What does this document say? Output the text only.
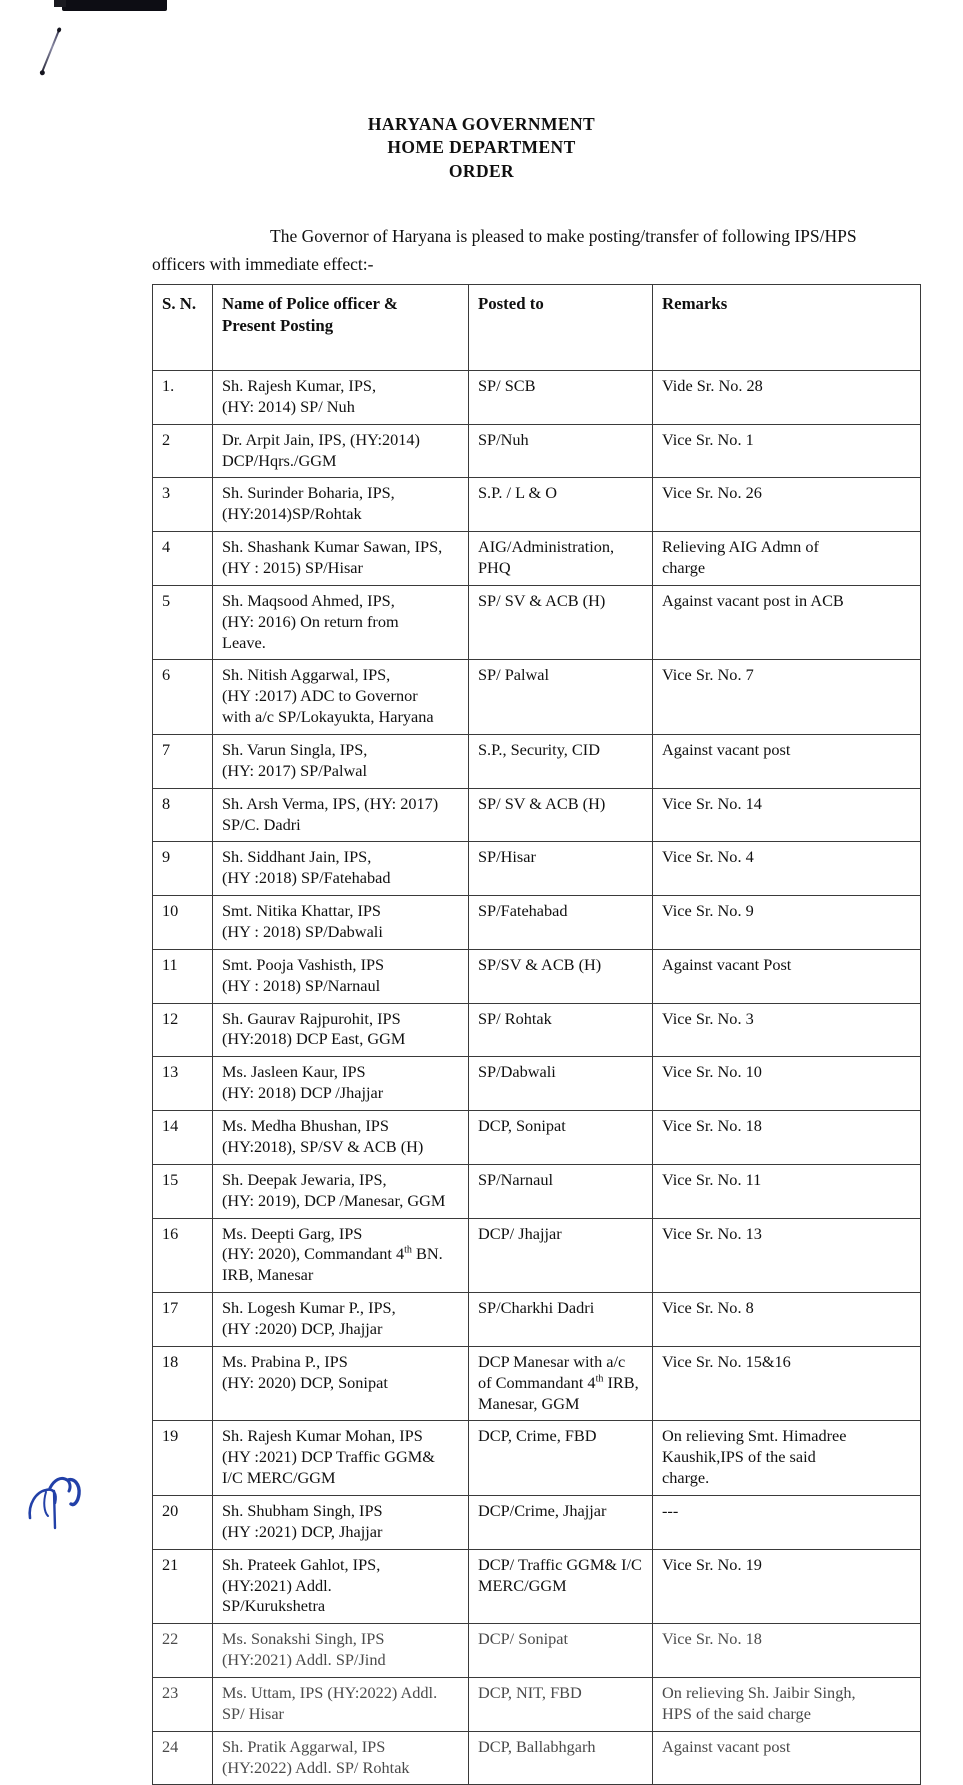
HARYANA GOVERNMENT
HOME DEPARTMENT
ORDER
The Governor of Haryana is pleased to make posting/transfer of following IPS/HPS officers with immediate effect:-
S. N.	Name of Police officer &
Present Posting	Posted to	Remarks
1.	Sh. Rajesh Kumar, IPS,
(HY: 2014) SP/ Nuh	SP/ SCB	Vide Sr. No. 28

2	Dr. Arpit Jain, IPS, (HY:2014)
DCP/Hqrs./GGM	SP/Nuh	Vice Sr. No. 1

3	Sh. Surinder Boharia, IPS,
(HY:2014)SP/Rohtak	S.P. / L & O	Vice Sr. No. 26

4	Sh. Shashank Kumar Sawan, IPS,
(HY : 2015) SP/Hisar	AIG/Administration,
PHQ	Relieving AIG Admn of
charge

5	Sh. Maqsood Ahmed, IPS,
(HY: 2016) On return from
Leave.	SP/ SV & ACB (H)	Against vacant post in ACB

6	Sh. Nitish Aggarwal, IPS,
(HY :2017) ADC to Governor
with a/c SP/Lokayukta, Haryana	SP/ Palwal	Vice Sr. No. 7

7	Sh. Varun Singla, IPS,
(HY: 2017) SP/Palwal	S.P., Security, CID	Against vacant post

8	Sh. Arsh Verma, IPS, (HY: 2017)
SP/C. Dadri	SP/ SV & ACB (H)	Vice Sr. No. 14

9	Sh. Siddhant Jain, IPS,
(HY :2018) SP/Fatehabad	SP/Hisar	Vice Sr. No. 4

10	Smt. Nitika Khattar, IPS
(HY : 2018) SP/Dabwali	SP/Fatehabad	Vice Sr. No. 9

11	Smt. Pooja Vashisth, IPS
(HY : 2018) SP/Narnaul	SP/SV & ACB (H)	Against vacant Post

12	Sh. Gaurav Rajpurohit, IPS
(HY:2018) DCP East, GGM	SP/ Rohtak	Vice Sr. No. 3

13	Ms. Jasleen Kaur, IPS
(HY: 2018) DCP /Jhajjar	SP/Dabwali	Vice Sr. No. 10

14	Ms. Medha Bhushan, IPS
(HY:2018), SP/SV & ACB (H)	DCP, Sonipat	Vice Sr. No. 18

15	Sh. Deepak Jewaria, IPS,
(HY: 2019), DCP /Manesar, GGM	SP/Narnaul	Vice Sr. No. 11

16	Ms. Deepti Garg, IPS
(HY: 2020), Commandant 4th BN.
IRB, Manesar	DCP/ Jhajjar	Vice Sr. No. 13

17	Sh. Logesh Kumar P., IPS,
(HY :2020) DCP, Jhajjar	SP/Charkhi Dadri	Vice Sr. No. 8

18	Ms. Prabina P., IPS
(HY: 2020) DCP, Sonipat	DCP Manesar with a/c
of Commandant 4th IRB,
Manesar, GGM	Vice Sr. No. 15&16

19	Sh. Rajesh Kumar Mohan, IPS
(HY :2021) DCP Traffic GGM&
I/C MERC/GGM	DCP, Crime, FBD	On relieving Smt. Himadree
Kaushik,IPS of the said
charge.

20	Sh. Shubham Singh, IPS
(HY :2021) DCP, Jhajjar	DCP/Crime, Jhajjar	---

21	Sh. Prateek Gahlot, IPS,
(HY:2021) Addl.
SP/Kurukshetra	DCP/ Traffic GGM& I/C
MERC/GGM	Vice Sr. No. 19

22	Ms. Sonakshi Singh, IPS
(HY:2021) Addl. SP/Jind	DCP/ Sonipat	Vice Sr. No. 18

23	Ms. Uttam, IPS (HY:2022) Addl.
SP/ Hisar	DCP, NIT, FBD	On relieving Sh. Jaibir Singh,
HPS of the said charge

24	Sh. Pratik Aggarwal, IPS
(HY:2022) Addl. SP/ Rohtak	DCP, Ballabhgarh	Against vacant post
